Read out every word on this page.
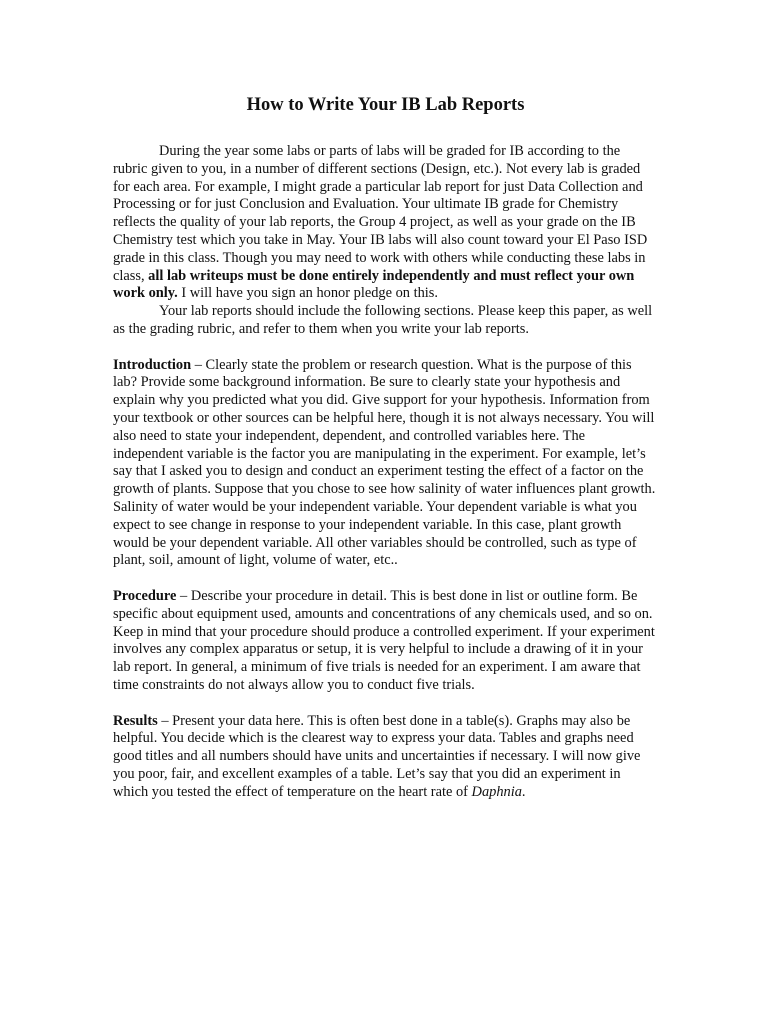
How to Write Your IB Lab Reports

During the year some labs or parts of labs will be graded for IB according to the rubric given to you, in a number of different sections (Design, etc.). Not every lab is graded for each area. For example, I might grade a particular lab report for just Data Collection and Processing or for just Conclusion and Evaluation. Your ultimate IB grade for Chemistry reflects the quality of your lab reports, the Group 4 project, as well as your grade on the IB Chemistry test which you take in May. Your IB labs will also count toward your El Paso ISD grade in this class. Though you may need to work with others while conducting these labs in class, all lab writeups must be done entirely independently and must reflect your own work only. I will have you sign an honor pledge on this.

Your lab reports should include the following sections. Please keep this paper, as well as the grading rubric, and refer to them when you write your lab reports.

Introduction – Clearly state the problem or research question. What is the purpose of this lab? Provide some background information. Be sure to clearly state your hypothesis and explain why you predicted what you did. Give support for your hypothesis. Information from your textbook or other sources can be helpful here, though it is not always necessary. You will also need to state your independent, dependent, and controlled variables here. The independent variable is the factor you are manipulating in the experiment. For example, let’s say that I asked you to design and conduct an experiment testing the effect of a factor on the growth of plants. Suppose that you chose to see how salinity of water influences plant growth. Salinity of water would be your independent variable. Your dependent variable is what you expect to see change in response to your independent variable. In this case, plant growth would be your dependent variable. All other variables should be controlled, such as type of plant, soil, amount of light, volume of water, etc..

Procedure – Describe your procedure in detail. This is best done in list or outline form. Be specific about equipment used, amounts and concentrations of any chemicals used, and so on. Keep in mind that your procedure should produce a controlled experiment. If your experiment involves any complex apparatus or setup, it is very helpful to include a drawing of it in your lab report. In general, a minimum of five trials is needed for an experiment. I am aware that time constraints do not always allow you to conduct five trials.

Results – Present your data here. This is often best done in a table(s). Graphs may also be helpful. You decide which is the clearest way to express your data. Tables and graphs need good titles and all numbers should have units and uncertainties if necessary. I will now give you poor, fair, and excellent examples of a table. Let’s say that you did an experiment in which you tested the effect of temperature on the heart rate of Daphnia.
